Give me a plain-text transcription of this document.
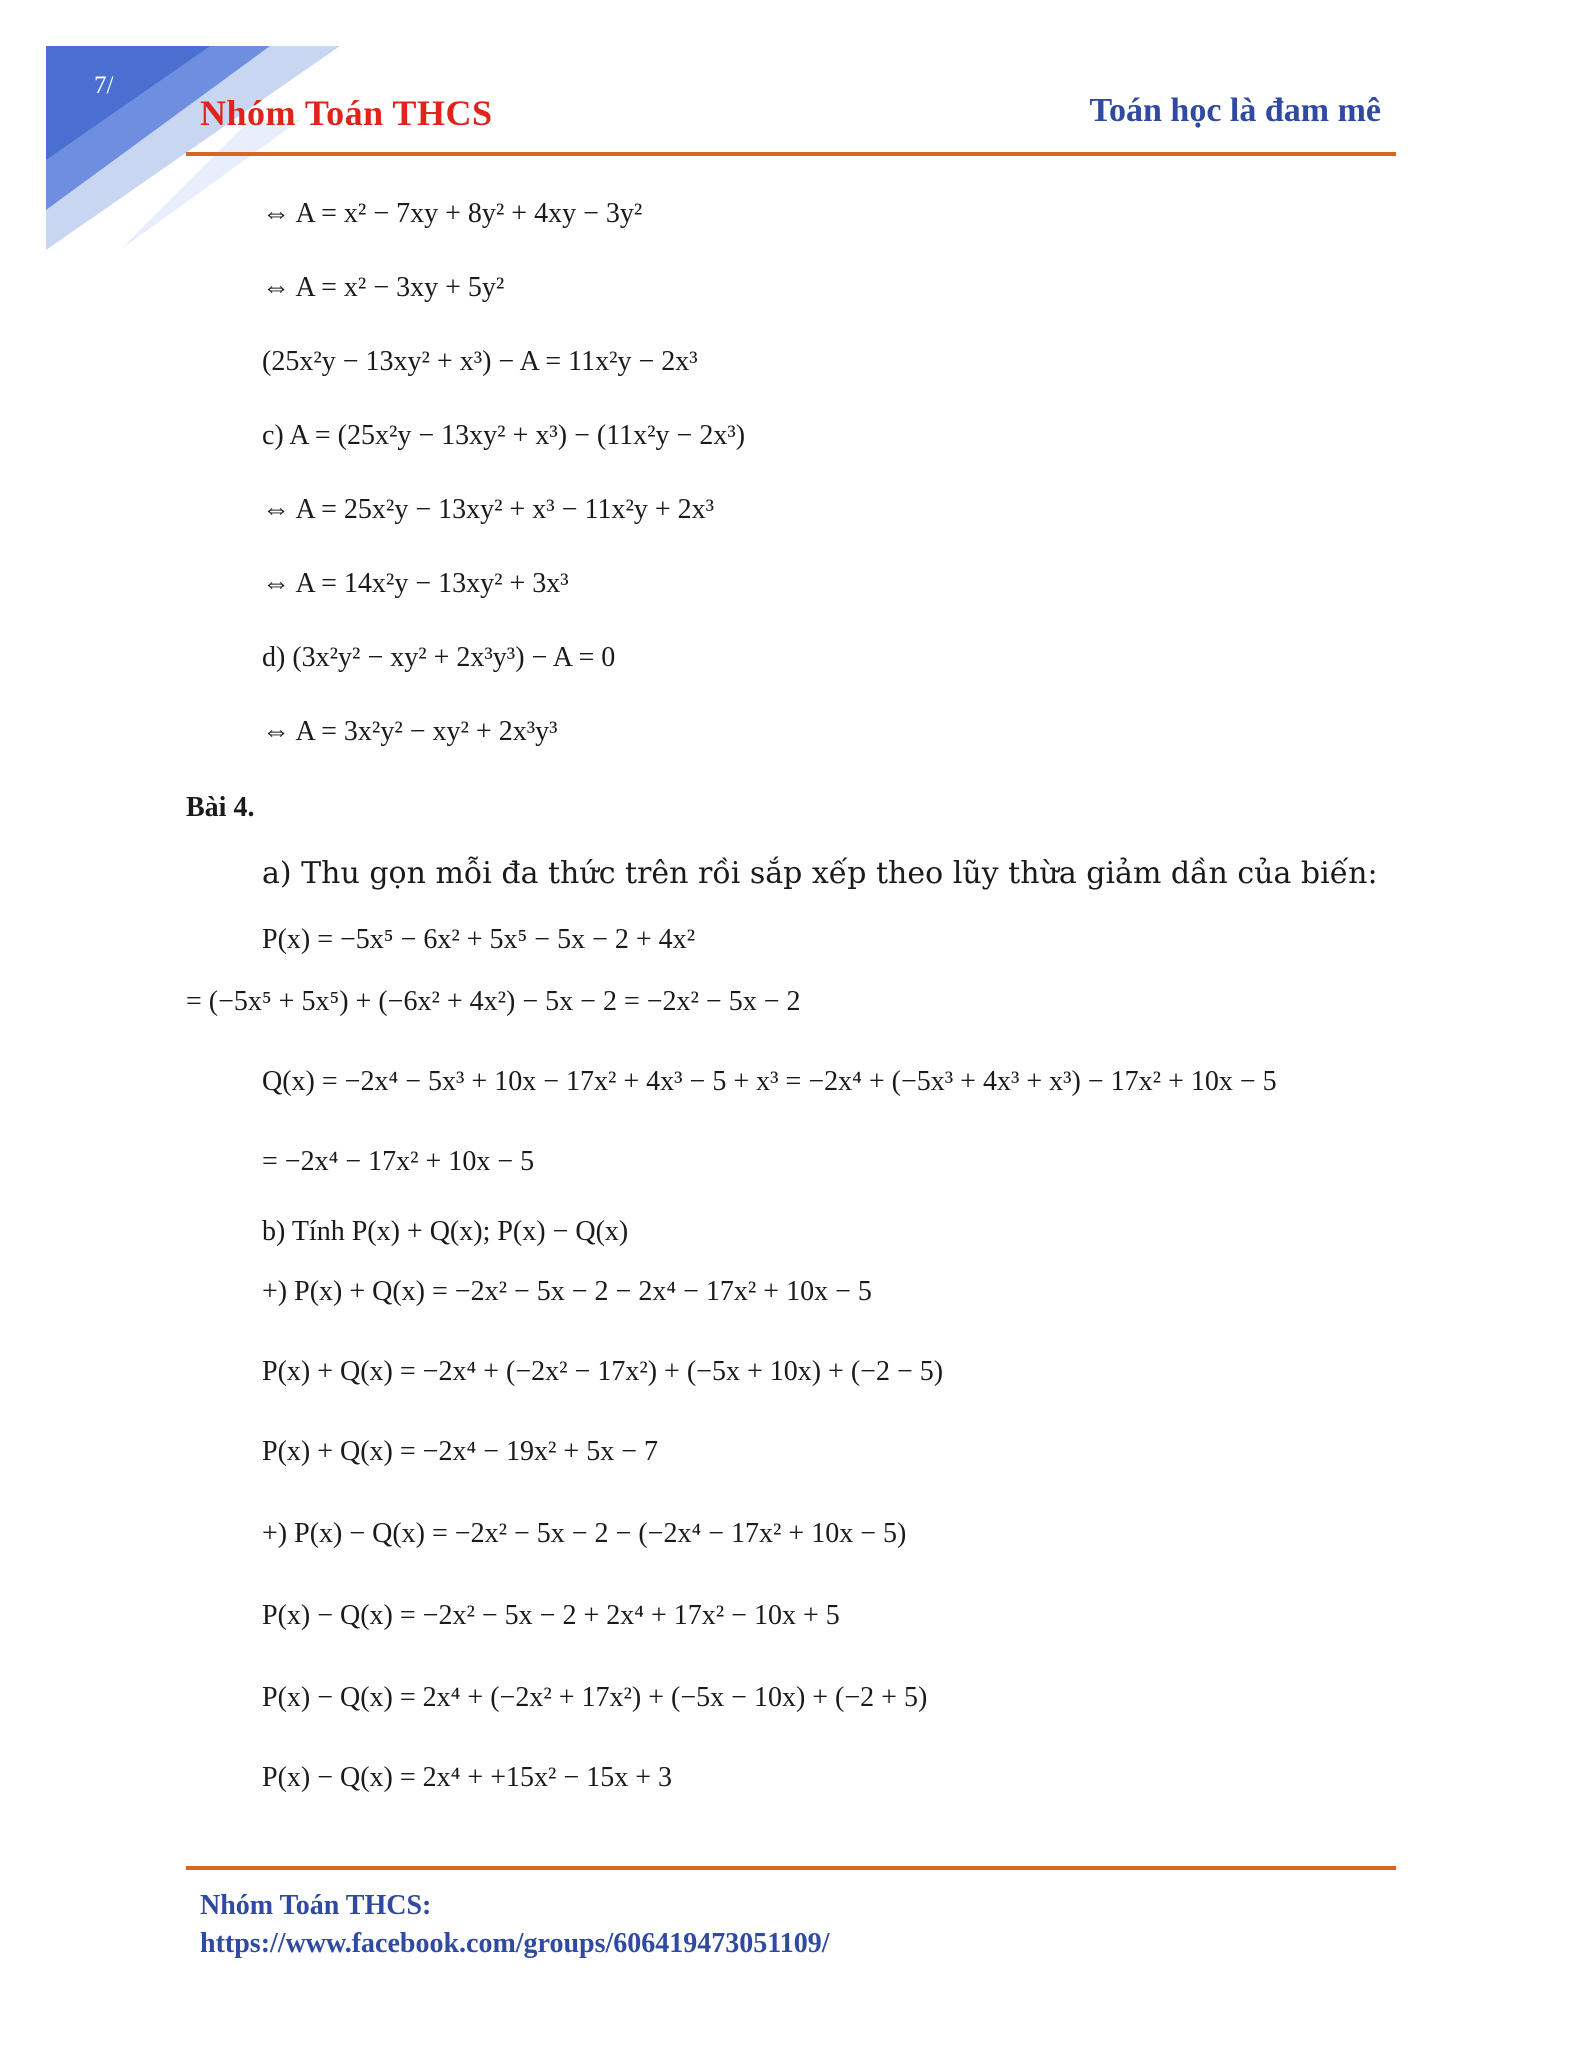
7/
Nhóm Toán THCS	Toán học là đam mê
⇔ A = x² − 7xy + 8y² + 4xy − 3y²
⇔ A = x² − 3xy + 5y²
(25x²y − 13xy² + x³) − A = 11x²y − 2x³
c) A = (25x²y − 13xy² + x³) − (11x²y − 2x³)
⇔ A = 25x²y − 13xy² + x³ − 11x²y + 2x³
⇔ A = 14x²y − 13xy² + 3x³
d) (3x²y² − xy² + 2x³y³) − A = 0
⇔ A = 3x²y² − xy² + 2x³y³
Bài 4.
a) Thu gọn mỗi đa thức trên rồi sắp xếp theo lũy thừa giảm dần của biến:
P(x) = −5x⁵ − 6x² + 5x⁵ − 5x − 2 + 4x²
= (−5x⁵ + 5x⁵) + (−6x² + 4x²) − 5x − 2 = −2x² − 5x − 2
Q(x) = −2x⁴ − 5x³ + 10x − 17x² + 4x³ − 5 + x³ = −2x⁴ + (−5x³ + 4x³ + x³) − 17x² + 10x − 5
= −2x⁴ − 17x² + 10x − 5
b) Tính P(x) + Q(x); P(x) − Q(x)
+) P(x) + Q(x) = −2x² − 5x − 2 − 2x⁴ − 17x² + 10x − 5
P(x) + Q(x) = −2x⁴ + (−2x² − 17x²) + (−5x + 10x) + (−2 − 5)
P(x) + Q(x) = −2x⁴ − 19x² + 5x − 7
+) P(x) − Q(x) = −2x² − 5x − 2 − (−2x⁴ − 17x² + 10x − 5)
P(x) − Q(x) = −2x² − 5x − 2 + 2x⁴ + 17x² − 10x + 5
P(x) − Q(x) = 2x⁴ + (−2x² + 17x²) + (−5x − 10x) + (−2 + 5)
P(x) − Q(x) = 2x⁴ + +15x² − 15x + 3
Nhóm Toán THCS:
https://www.facebook.com/groups/606419473051109/
